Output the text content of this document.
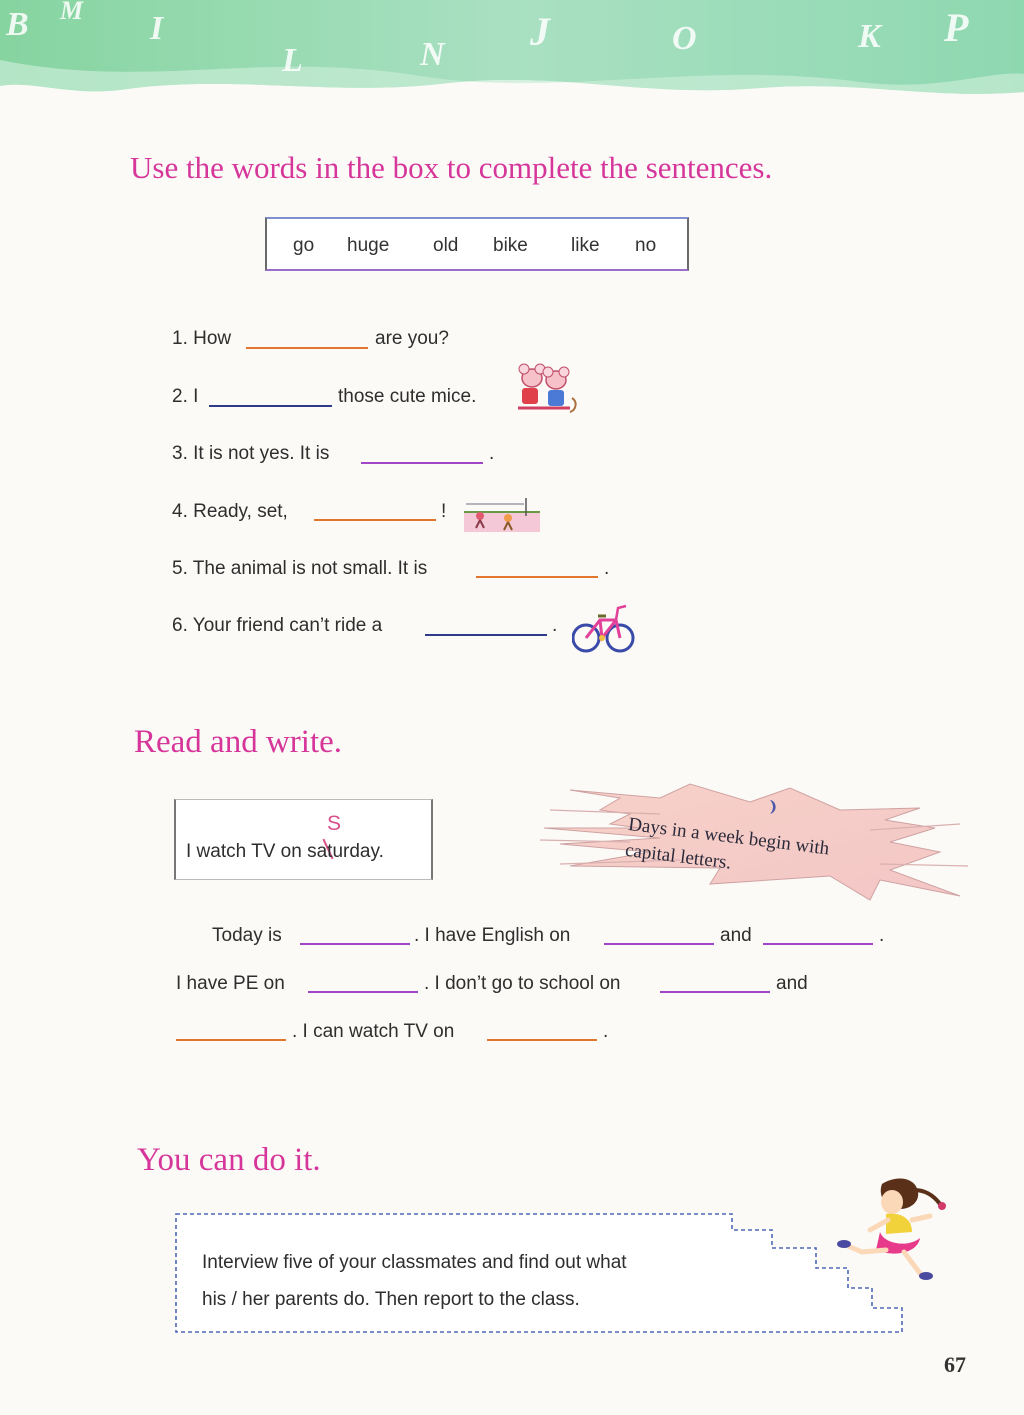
B M I
L	N
J	O	K P
Use the words in the box to complete the sentences.
go huge old bike like no
1. How	are you?
2. I	those cute mice.
3. It is not yes. It is	.
4. Ready, set,	!
5. The animal is not small. It is	.
6. Your friend can’t ride a	.
Read and write.
S
I watch TV on saturday.	Days in a week begin with capital letters.
Today is	. I have English on	and	.
I have PE on	. I don’t go to school on	and
. I can watch TV on	.
You can do it.
Interview five of your classmates and find out what
his / her parents do. Then report to the class.
67
